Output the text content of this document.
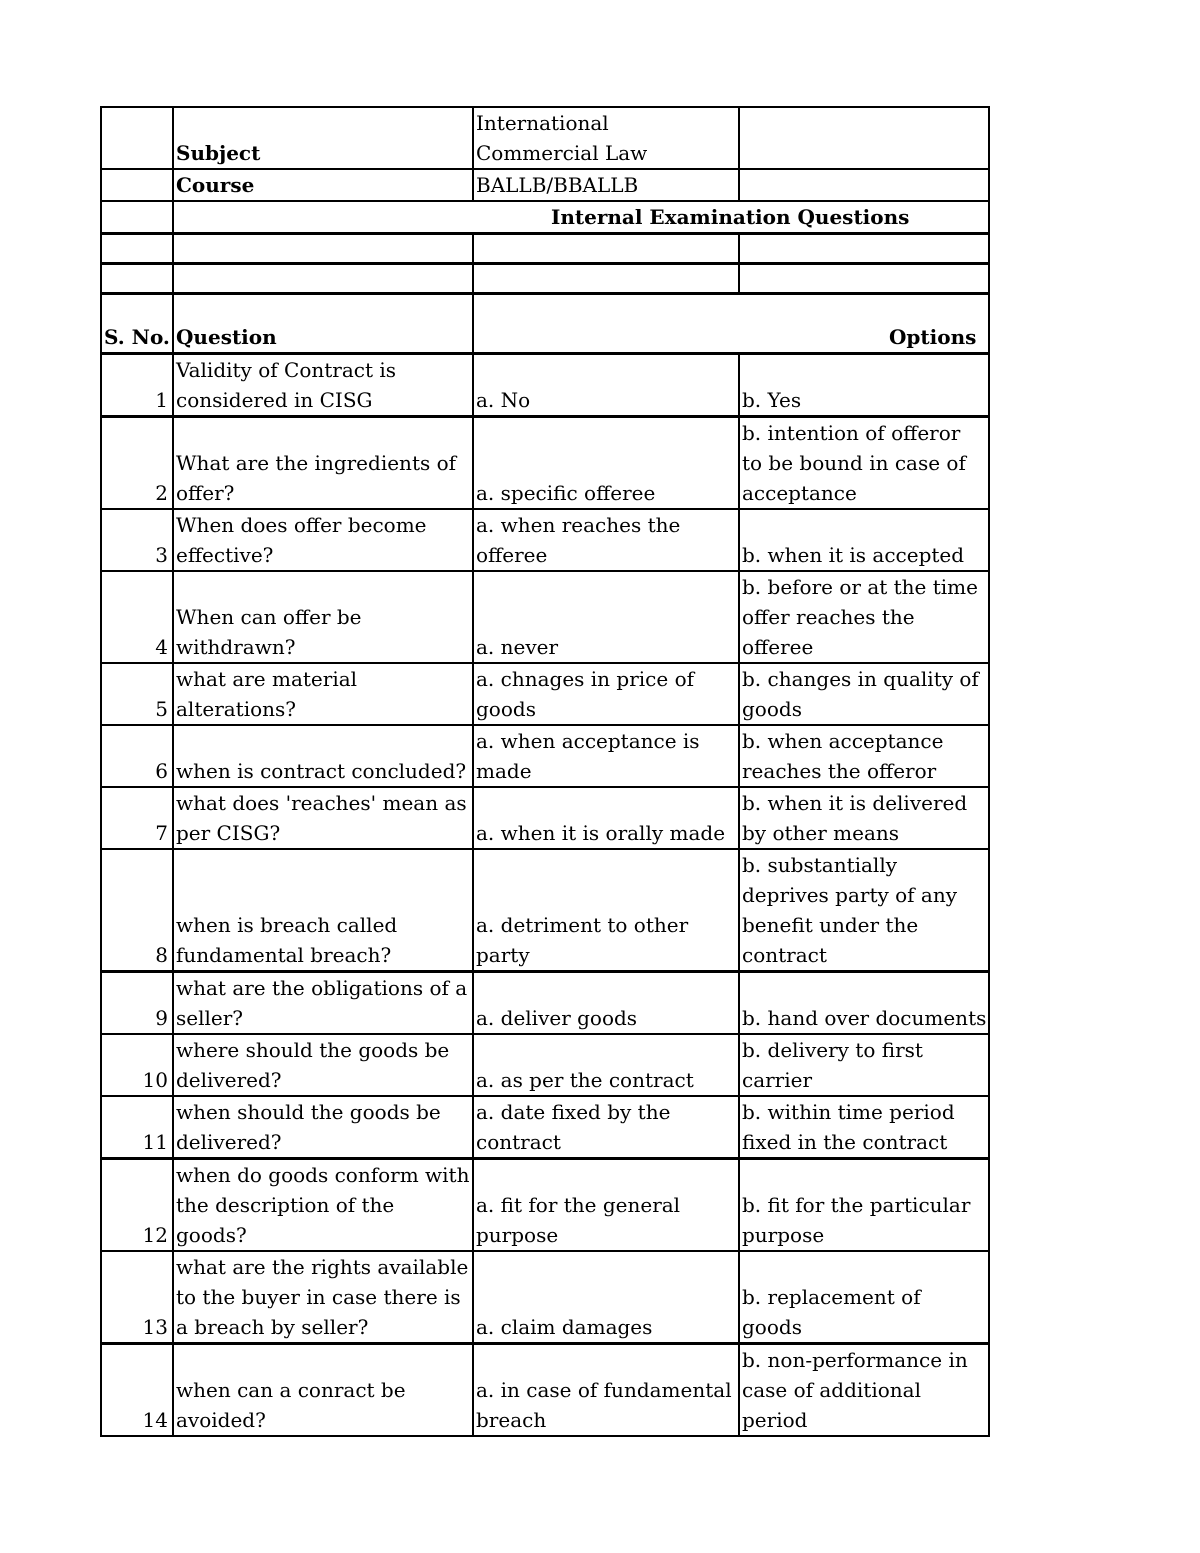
	Subject	International Commercial Law	
	Course	BALLB/BBALLB	
	Internal Examination Questions		

S. No.	Question	Options	
1	Validity of Contract is considered in CISG	a. No	b. Yes
2	What are the ingredients of offer?	a. specific offeree	b. intention of offeror to be bound in case of acceptance
3	When does offer become effective?	a. when reaches the offeree	b. when it is accepted
4	When can offer be withdrawn?	a. never	b. before or at the time offer reaches the offeree
5	what are material alterations?	a. chnages in price of goods	b. changes in quality of goods
6	when is contract concluded?	a. when acceptance is made	b. when acceptance reaches the offeror
7	what does 'reaches' mean as per CISG?	a. when it is orally made	b. when it is delivered by other means
8	when is breach called fundamental breach?	a. detriment to other party	b. substantially deprives party of any benefit under the contract
9	what are the obligations of a seller?	a. deliver goods	b. hand over documents
10	where should the goods be delivered?	a. as per the contract	b. delivery to first carrier
11	when should the goods be delivered?	a. date fixed by the contract	b. within time period fixed in the contract
12	when do goods conform with the description of the goods?	a. fit for the general purpose	b. fit for the particular purpose
13	what are the rights available to the buyer in case there is a breach by seller?	a. claim damages	b. replacement of goods
14	when can a conract be avoided?	a. in case of fundamental breach	b. non-performance in case of additional period
